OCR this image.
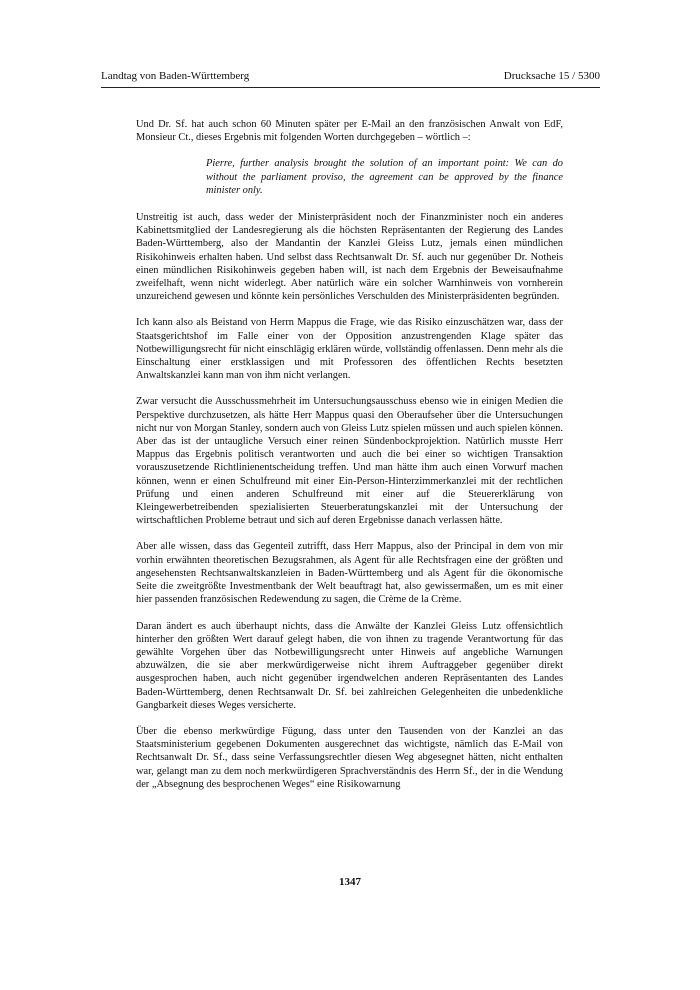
Landtag von Baden-Württemberg	Drucksache 15 / 5300

Und Dr. Sf. hat auch schon 60 Minuten später per E-Mail an den französischen Anwalt von EdF, Monsieur Ct., dieses Ergebnis mit folgenden Worten durchgegeben – wörtlich –:

Pierre, further analysis brought the solution of an important point: We can do without the parliament proviso, the agreement can be approved by the finance minister only.

Unstreitig ist auch, dass weder der Ministerpräsident noch der Finanzminister noch ein anderes Kabinettsmitglied der Landesregierung als die höchsten Repräsentanten der Regierung des Landes Baden-Württemberg, also der Mandantin der Kanzlei Gleiss Lutz, jemals einen mündlichen Risikohinweis erhalten haben. Und selbst dass Rechtsanwalt Dr. Sf. auch nur gegenüber Dr. Notheis einen mündlichen Risikohinweis gegeben haben will, ist nach dem Ergebnis der Beweisaufnahme zweifelhaft, wenn nicht widerlegt. Aber natürlich wäre ein solcher Warnhinweis von vornherein unzureichend gewesen und könnte kein persönliches Verschulden des Ministerpräsidenten begründen.

Ich kann also als Beistand von Herrn Mappus die Frage, wie das Risiko einzuschätzen war, dass der Staatsgerichtshof im Falle einer von der Opposition anzustrengenden Klage später das Notbewilligungsrecht für nicht einschlägig erklären würde, vollständig offenlassen. Denn mehr als die Einschaltung einer erstklassigen und mit Professoren des öffentlichen Rechts besetzten Anwaltskanzlei kann man von ihm nicht verlangen.

Zwar versucht die Ausschussmehrheit im Untersuchungsausschuss ebenso wie in einigen Medien die Perspektive durchzusetzen, als hätte Herr Mappus quasi den Oberaufseher über die Untersuchungen nicht nur von Morgan Stanley, sondern auch von Gleiss Lutz spielen müssen und auch spielen können. Aber das ist der untaugliche Versuch einer reinen Sündenbockprojektion. Natürlich musste Herr Mappus das Ergebnis politisch verantworten und auch die bei einer so wichtigen Transaktion vorauszusetzende Richtlinienentscheidung treffen. Und man hätte ihm auch einen Vorwurf machen können, wenn er einen Schulfreund mit einer Ein-Person-Hinterzimmerkanzlei mit der rechtlichen Prüfung und einen anderen Schulfreund mit einer auf die Steuererklärung von Kleingewerbetreibenden spezialisierten Steuerberatungskanzlei mit der Untersuchung der wirtschaftlichen Probleme betraut und sich auf deren Ergebnisse danach verlassen hätte.

Aber alle wissen, dass das Gegenteil zutrifft, dass Herr Mappus, also der Principal in dem von mir vorhin erwähnten theoretischen Bezugsrahmen, als Agent für alle Rechtsfragen eine der größten und angesehensten Rechtsanwaltskanzleien in Baden-Württemberg und als Agent für die ökonomische Seite die zweitgrößte Investmentbank der Welt beauftragt hat, also gewissermaßen, um es mit einer hier passenden französischen Redewendung zu sagen, die Crème de la Crème.

Daran ändert es auch überhaupt nichts, dass die Anwälte der Kanzlei Gleiss Lutz offensichtlich hinterher den größten Wert darauf gelegt haben, die von ihnen zu tragende Verantwortung für das gewählte Vorgehen über das Notbewilligungsrecht unter Hinweis auf angebliche Warnungen abzuwälzen, die sie aber merkwürdigerweise nicht ihrem Auftraggeber gegenüber direkt ausgesprochen haben, auch nicht gegenüber irgendwelchen anderen Repräsentanten des Landes Baden-Württemberg, denen Rechtsanwalt Dr. Sf. bei zahlreichen Gelegenheiten die unbedenkliche Gangbarkeit dieses Weges versicherte.

Über die ebenso merkwürdige Fügung, dass unter den Tausenden von der Kanzlei an das Staatsministerium gegebenen Dokumenten ausgerechnet das wichtigste, nämlich das E-Mail von Rechtsanwalt Dr. Sf., dass seine Verfassungsrechtler diesen Weg abgesegnet hätten, nicht enthalten war, gelangt man zu dem noch merkwürdigeren Sprachverständnis des Herrn Sf., der in die Wendung der „Absegnung des besprochenen Weges“ eine Risikowarnung

1347
